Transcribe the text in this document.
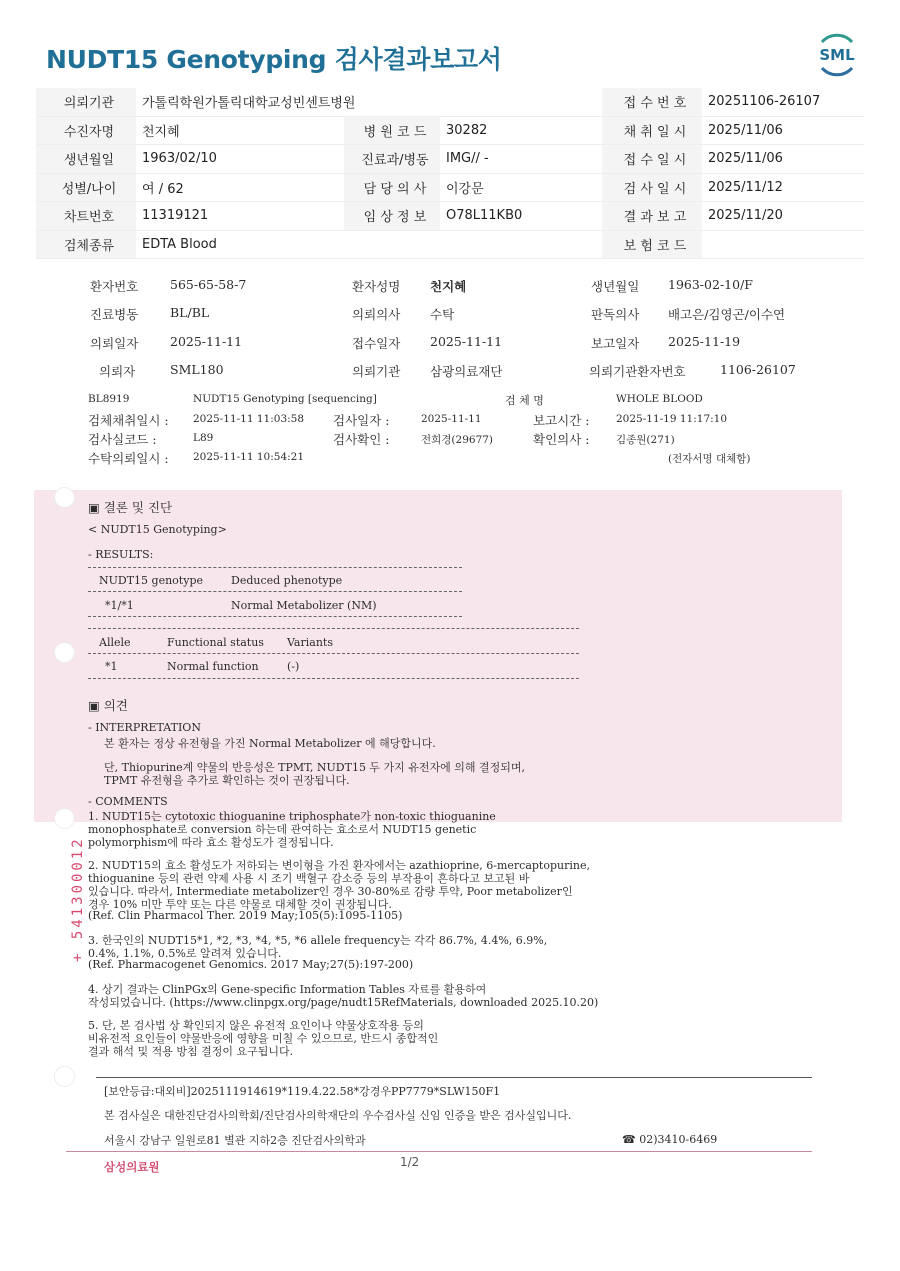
NUDT15 Genotyping 검사결과보고서	SML
의뢰기관	가톨릭학원가톨릭대학교성빈센트병원			접 수 번 호	20251106-26107
수진자명	천지혜	병 원 코 드	30282	채 취 일 시	2025/11/06
생년월일	1963/02/10	진료과/병동	IMG// -	접 수 일 시	2025/11/06
성별/나이	여 / 62	담 당 의 사	이강문	검 사 일 시	2025/11/12
차트번호	11319121	임 상 정 보	O78L11KB0	결 과 보 고	2025/11/20
검체종류	EDTA Blood			보 험 코 드	
환자번호	565-65-58-7	환자성명 천지혜	생년월일 1963-02-10/F
진료병동	BL/BL	의뢰의사 수탁	판독의사 배고은/김영곤/이수연
의뢰일자	2025-11-11	접수일자 2025-11-11	보고일자 2025-11-19
의뢰자	SML180	의뢰기관 삼광의료재단	의뢰기관환자번호	1106-26107
BL8919	NUDT15 Genotyping [sequencing]	검 체 명	WHOLE BLOOD
검체채취일시 : 2025-11-11 11:03:58 검사일자 :	2025-11-11	보고시간 :	2025-11-19 11:17:10
검사실코드 :	L89	검사확인 :	전희경(29677)	확인의사 :	김종원(271)
수탁의뢰일시 : 2025-11-11 10:54:21	(전자서명 대체함)
▣ 결론 및 진단
< NUDT15 Genotyping>
- RESULTS:
NUDT15 genotype	Deduced phenotype
*1/*1	Normal Metabolizer (NM)
Allele	Functional status Variants
*1	Normal function	(-)
▣ 의견
- INTERPRETATION
본 환자는 정상 유전형을 가진 Normal Metabolizer 에 해당합니다.
단, Thiopurine계 약물의 반응성은 TPMT, NUDT15 두 가지 유전자에 의해 결정되며,
TPMT 유전형을 추가로 확인하는 것이 권장됩니다.
- COMMENTS
1. NUDT15는 cytotoxic thioguanine triphosphate가 non-toxic thioguanine
monophosphate로 conversion 하는데 관여하는 효소로서 NUDT15 genetic
polymorphism에 따라 효소 활성도가 결정됩니다.
2. NUDT15의 효소 활성도가 저하되는 변이형을 가진 환자에서는 azathioprine, 6-mercaptopurine,
thioguanine 등의 관련 약제 사용 시 조기 백혈구 감소증 등의 부작용이 흔하다고 보고된 바
있습니다. 따라서, Intermediate metabolizer인 경우 30-80%로 감량 투약, Poor metabolizer인
경우 10% 미만 투약 또는 다른 약물로 대체할 것이 권장됩니다.
(Ref. Clin Pharmacol Ther. 2019 May;105(5):1095-1105)
3. 한국인의 NUDT15*1, *2, *3, *4, *5, *6 allele frequency는 각각 86.7%, 4.4%, 6.9%,
0.4%, 1.1%, 0.5%로 알려져 있습니다.
(Ref. Pharmacogenet Genomics. 2017 May;27(5):197-200)
4. 상기 결과는 ClinPGx의 Gene-specific Information Tables 자료를 활용하여
작성되었습니다. (https://www.clinpgx.org/page/nudt15RefMaterials, downloaded 2025.10.20)
5. 단, 본 검사법 상 확인되지 않은 유전적 요인이나 약물상호작용 등의
비유전적 요인들이 약물반응에 영향을 미칠 수 있으므로, 반드시 종합적인
결과 해석 및 적용 방침 결정이 요구됩니다.
+ 541300012
[보안등급:대외비]2025111914619*119.4.22.58*강경우PP7779*SLW150F1
본 검사실은 대한진단검사의학회/진단검사의학재단의 우수검사실 신임 인증을 받은 검사실입니다.
서울시 강남구 일원로81 별관 지하2층 진단검사의학과	☎ 02)3410-6469
삼성의료원	1/2
